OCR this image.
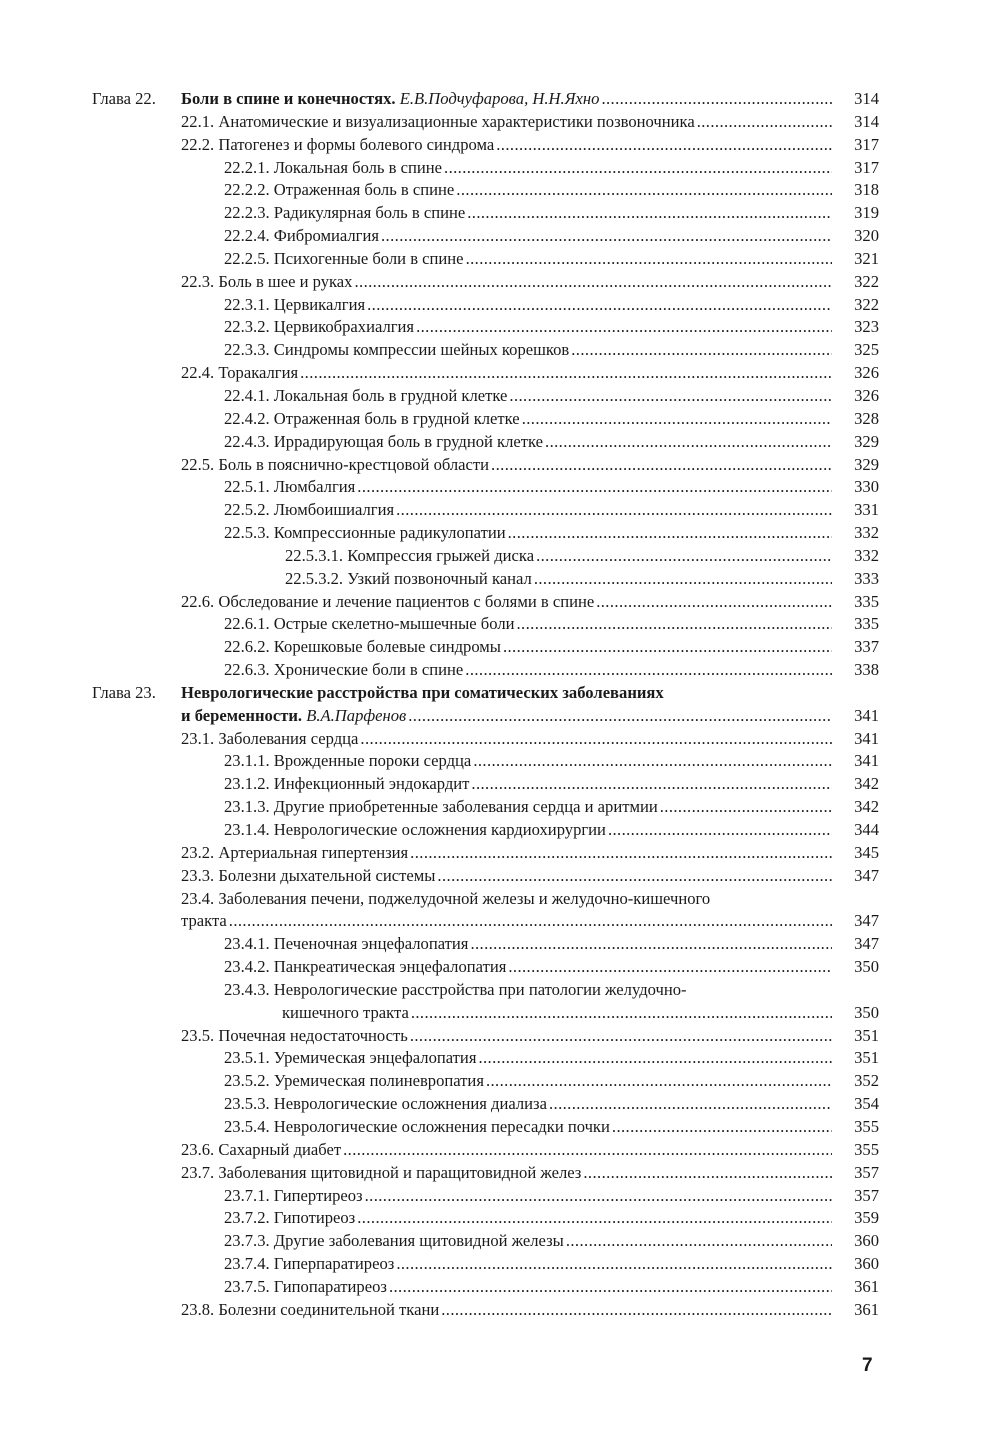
Глава 22. Боли в спине и конечностях. Е.В.Подчуфарова, Н.Н.Яхно .....	314
22.1. Анатомические и визуализационные характеристики позвоночника .....	314
22.2. Патогенез и формы болевого синдрома .....	317
22.2.1. Локальная боль в спине .....	317
22.2.2. Отраженная боль в спине .....	318
22.2.3. Радикулярная боль в спине .....	319
22.2.4. Фибромиалгия .....	320
22.2.5. Психогенные боли в спине .....	321
22.3. Боль в шее и руках .....	322
22.3.1. Цервикалгия .....	322
22.3.2. Цервикобрахиалгия .....	323
22.3.3. Синдромы компрессии шейных корешков .....	325
22.4. Торакалгия .....	326
22.4.1. Локальная боль в грудной клетке .....	326
22.4.2. Отраженная боль в грудной клетке .....	328
22.4.3. Иррадирующая боль в грудной клетке .....	329
22.5. Боль в пояснично-крестцовой области .....	329
22.5.1. Люмбалгия .....	330
22.5.2. Люмбоишиалгия .....	331
22.5.3. Компрессионные радикулопатии .....	332
22.5.3.1. Компрессия грыжей диска .....	332
22.5.3.2. Узкий позвоночный канал .....	333
22.6. Обследование и лечение пациентов с болями в спине .....	335
22.6.1. Острые скелетно-мышечные боли .....	335
22.6.2. Корешковые болевые синдромы .....	337
22.6.3. Хронические боли в спине .....	338
Глава 23. Неврологические расстройства при соматических заболеваниях
и беременности. В.А.Парфенов .....	341
23.1. Заболевания сердца .....	341
23.1.1. Врожденные пороки сердца .....	341
23.1.2. Инфекционный эндокардит .....	342
23.1.3. Другие приобретенные заболевания сердца и аритмии .....	342
23.1.4. Неврологические осложнения кардиохирургии .....	344
23.2. Артериальная гипертензия .....	345
23.3. Болезни дыхательной системы .....	347
23.4. Заболевания печени, поджелудочной железы и желудочно-кишечного
тракта .....	347
23.4.1. Печеночная энцефалопатия .....	347
23.4.2. Панкреатическая энцефалопатия .....	350
23.4.3. Неврологические расстройства при патологии желудочно-
кишечного тракта .....	350
23.5. Почечная недостаточность .....	351
23.5.1. Уремическая энцефалопатия .....	351
23.5.2. Уремическая полиневропатия .....	352
23.5.3. Неврологические осложнения диализа .....	354
23.5.4. Неврологические осложнения пересадки почки .....	355
23.6. Сахарный диабет .....	355
23.7. Заболевания щитовидной и паращитовидной желез .....	357
23.7.1. Гипертиреоз .....	357
23.7.2. Гипотиреоз .....	359
23.7.3. Другие заболевания щитовидной железы .....	360
23.7.4. Гиперпаратиреоз .....	360
23.7.5. Гипопаратиреоз .....	361
23.8. Болезни соединительной ткани .....	361
7
